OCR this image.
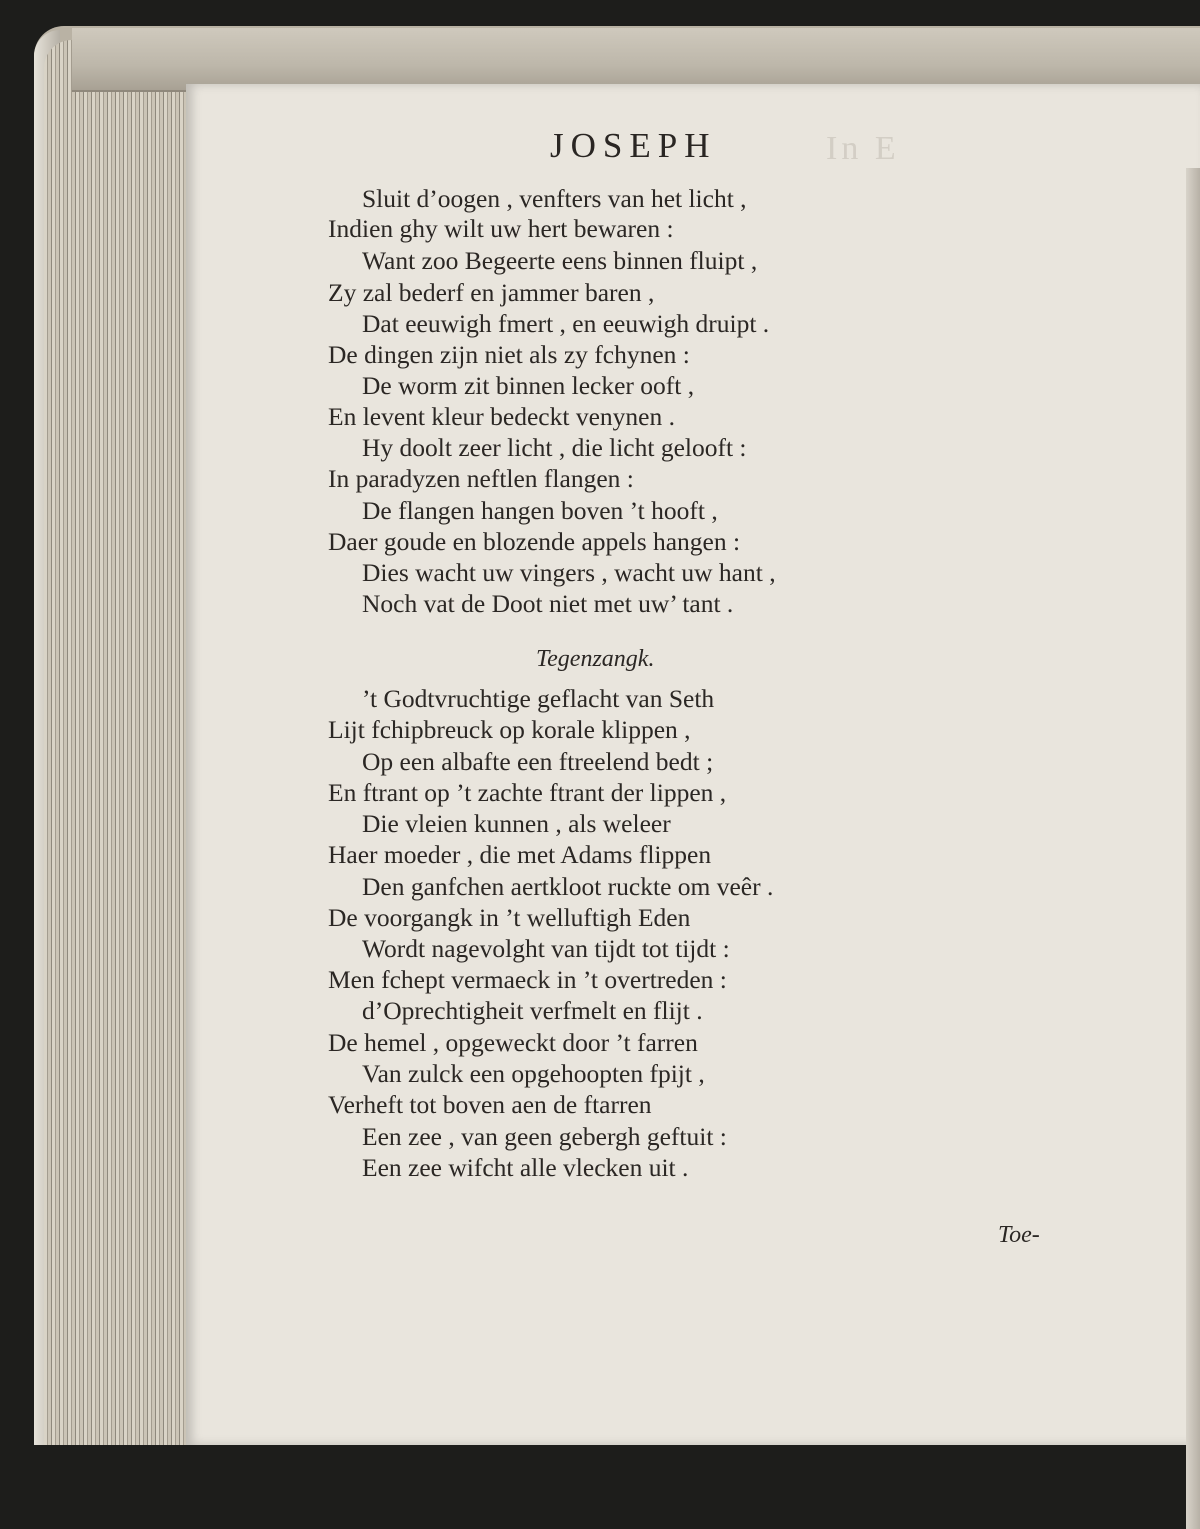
In E
JOSEPH
Sluit d’oogen , venfters van het licht ,
Indien ghy wilt uw hert bewaren :
Want zoo Begeerte eens binnen fluipt ,
Zy zal bederf en jammer baren ,
Dat eeuwigh fmert , en eeuwigh druipt .
De dingen zijn niet als zy fchynen :
De worm zit binnen lecker ooft ,
En levent kleur bedeckt venynen .
Hy doolt zeer licht , die licht gelooft :
In paradyzen neftlen flangen :
De flangen hangen boven ’t hooft ,
Daer goude en blozende appels hangen :
Dies wacht uw vingers , wacht uw hant ,
Noch vat de Doot niet met uw’ tant .
Tegenzangk.
’t Godtvruchtige geflacht van Seth
Lijt fchipbreuck op korale klippen ,
Op een albafte een ftreelend bedt ;
En ftrant op ’t zachte ftrant der lippen ,
Die vleien kunnen , als weleer
Haer moeder , die met Adams flippen
Den ganfchen aertkloot ruckte om veêr .
De voorgangk in ’t welluftigh Eden
Wordt nagevolght van tijdt tot tijdt :
Men fchept vermaeck in ’t overtreden :
d’Oprechtigheit verfmelt en flijt .
De hemel , opgeweckt door ’t farren
Van zulck een opgehoopten fpijt ,
Verheft tot boven aen de ftarren
Een zee , van geen gebergh geftuit :
Een zee wifcht alle vlecken uit .
Toe-
